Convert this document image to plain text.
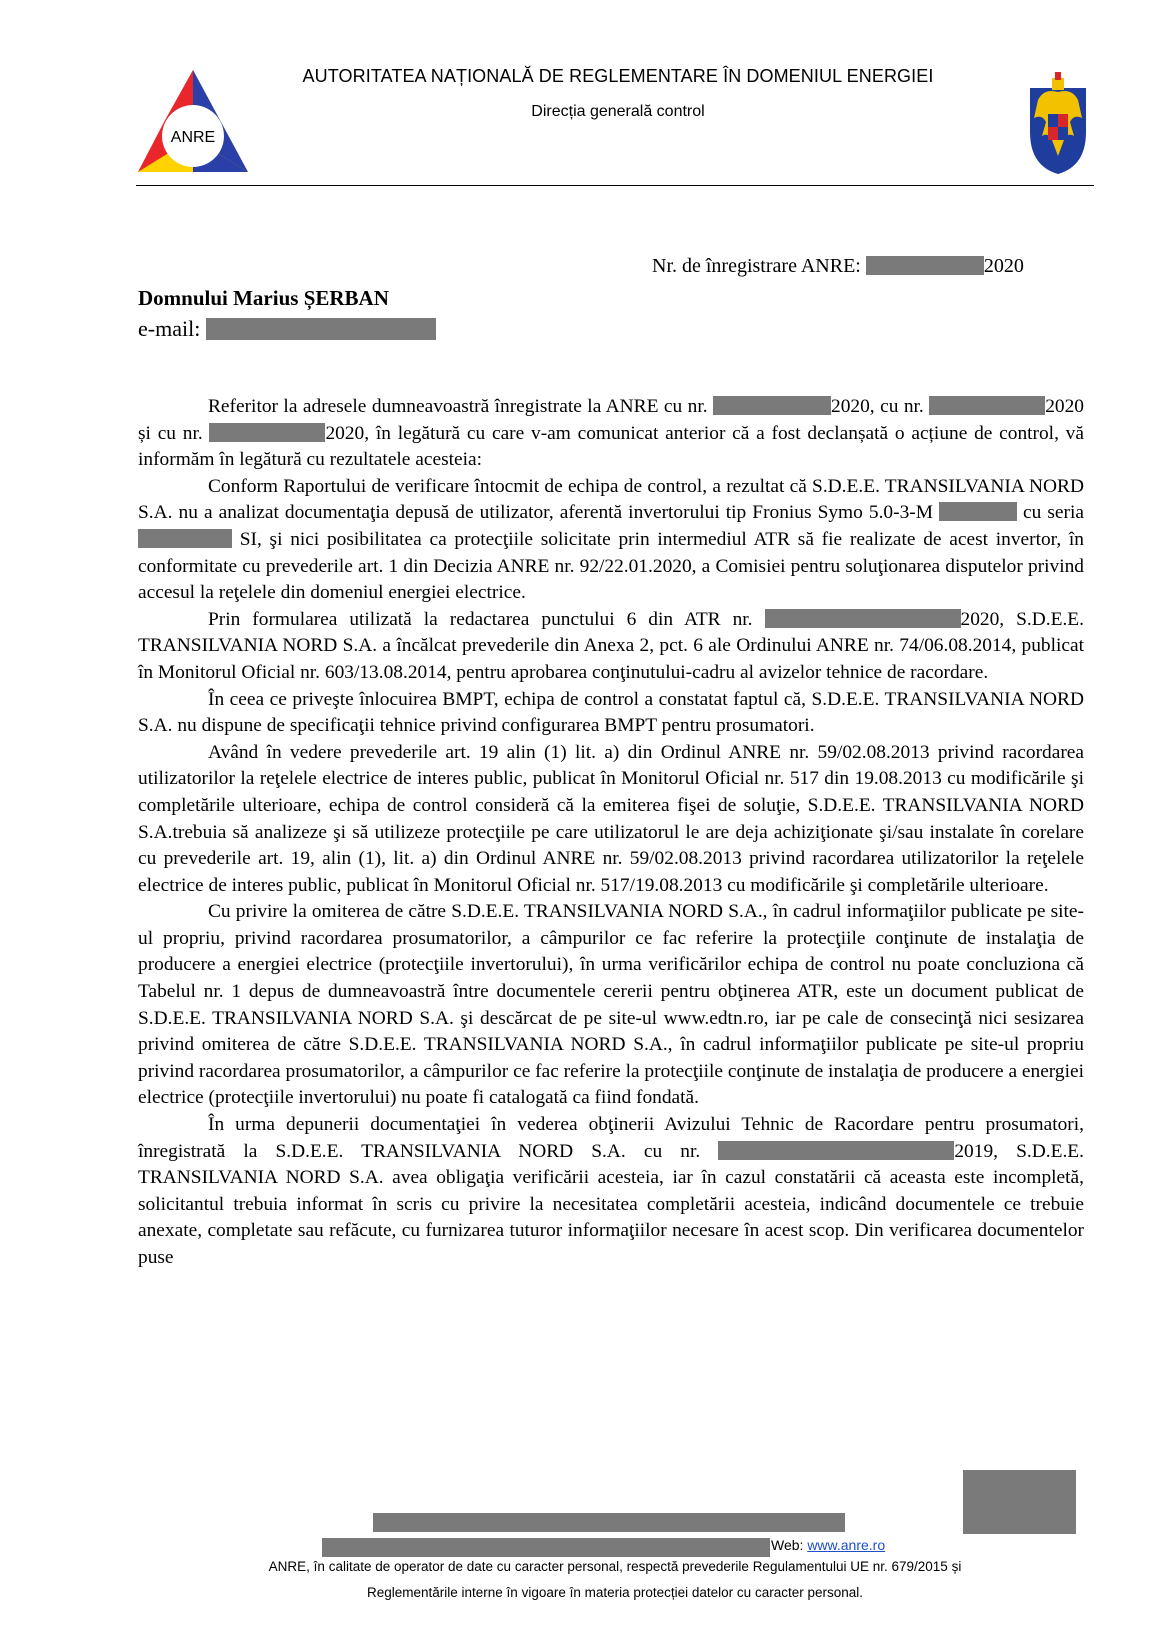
ANRE
AUTORITATEA NAȚIONALĂ DE REGLEMENTARE ÎN DOMENIUL ENERGIEI
Direcția generală control
Nr. de înregistrare ANRE:	2020
Domnului Marius ȘERBAN
e-mail:

Referitor la adresele dumneavoastră înregistrate la ANRE cu nr.	2020, cu nr.	2020 și cu nr.	2020, în legătură cu care v-am comunicat anterior că a fost declanșată o acțiune de control, vă informăm în legătură cu rezultatele acesteia:

Conform Raportului de verificare întocmit de echipa de control, a rezultat că S.D.E.E. TRANSILVANIA NORD S.A. nu a analizat documentaţia depusă de utilizator, aferentă invertorului tip Fronius Symo 5.0-3-M	cu seria  SI, şi nici posibilitatea ca protecţiile solicitate prin intermediul ATR să fie realizate de acest invertor, în conformitate cu prevederile art. 1 din Decizia ANRE nr. 92/22.01.2020, a Comisiei pentru soluţionarea disputelor privind accesul la reţelele din domeniul energiei electrice.

Prin formularea utilizată la redactarea punctului 6 din ATR nr.	2020, S.D.E.E. TRANSILVANIA NORD S.A. a încălcat prevederile din Anexa 2, pct. 6 ale Ordinului ANRE nr. 74/06.08.2014, publicat în Monitorul Oficial nr. 603/13.08.2014, pentru aprobarea conţinutului-cadru al avizelor tehnice de racordare.

În ceea ce priveşte înlocuirea BMPT, echipa de control a constatat faptul că, S.D.E.E. TRANSILVANIA NORD S.A. nu dispune de specificaţii tehnice privind configurarea BMPT pentru prosumatori.

Având în vedere prevederile art. 19 alin (1) lit. a) din Ordinul ANRE nr. 59/02.08.2013 privind racordarea utilizatorilor la reţelele electrice de interes public, publicat în Monitorul Oficial nr. 517 din 19.08.2013 cu modificările şi completările ulterioare, echipa de control consideră că la emiterea fişei de soluţie, S.D.E.E. TRANSILVANIA NORD S.A.trebuia să analizeze şi să utilizeze protecţiile pe care utilizatorul le are deja achiziţionate şi/sau instalate în corelare cu prevederile art. 19, alin (1), lit. a) din Ordinul ANRE nr. 59/02.08.2013 privind racordarea utilizatorilor la reţelele electrice de interes public, publicat în Monitorul Oficial nr. 517/19.08.2013 cu modificările şi completările ulterioare.

Cu privire la omiterea de către S.D.E.E. TRANSILVANIA NORD S.A., în cadrul informaţiilor publicate pe site-ul propriu, privind racordarea prosumatorilor, a câmpurilor ce fac referire la protecţiile conţinute de instalaţia de producere a energiei electrice (protecţiile invertorului), în urma verificărilor echipa de control nu poate concluziona că Tabelul nr. 1 depus de dumneavoastră între documentele cererii pentru obţinerea ATR, este un document publicat de S.D.E.E. TRANSILVANIA NORD S.A. şi descărcat de pe site-ul www.edtn.ro, iar pe cale de consecinţă nici sesizarea privind omiterea de către S.D.E.E. TRANSILVANIA NORD S.A., în cadrul informaţiilor publicate pe site-ul propriu privind racordarea prosumatorilor, a câmpurilor ce fac referire la protecţiile conţinute de instalaţia de producere a energiei electrice (protecţiile invertorului) nu poate fi catalogată ca fiind fondată.

În urma depunerii documentaţiei în vederea obţinerii Avizului Tehnic de Racordare pentru prosumatori, înregistrată la S.D.E.E. TRANSILVANIA NORD S.A. cu nr.	2019, S.D.E.E. TRANSILVANIA NORD S.A. avea obligaţia verificării acesteia, iar în cazul constatării că aceasta este incompletă, solicitantul trebuia informat în scris cu privire la necesitatea completării acesteia, indicând documentele ce trebuie anexate, completate sau refăcute, cu furnizarea tuturor informaţiilor necesare în acest scop. Din verificarea documentelor puse

Web: www.anre.ro
ANRE, în calitate de operator de date cu caracter personal, respectă prevederile Regulamentului UE nr. 679/2015 și
Reglementările interne în vigoare în materia protecției datelor cu caracter personal.
